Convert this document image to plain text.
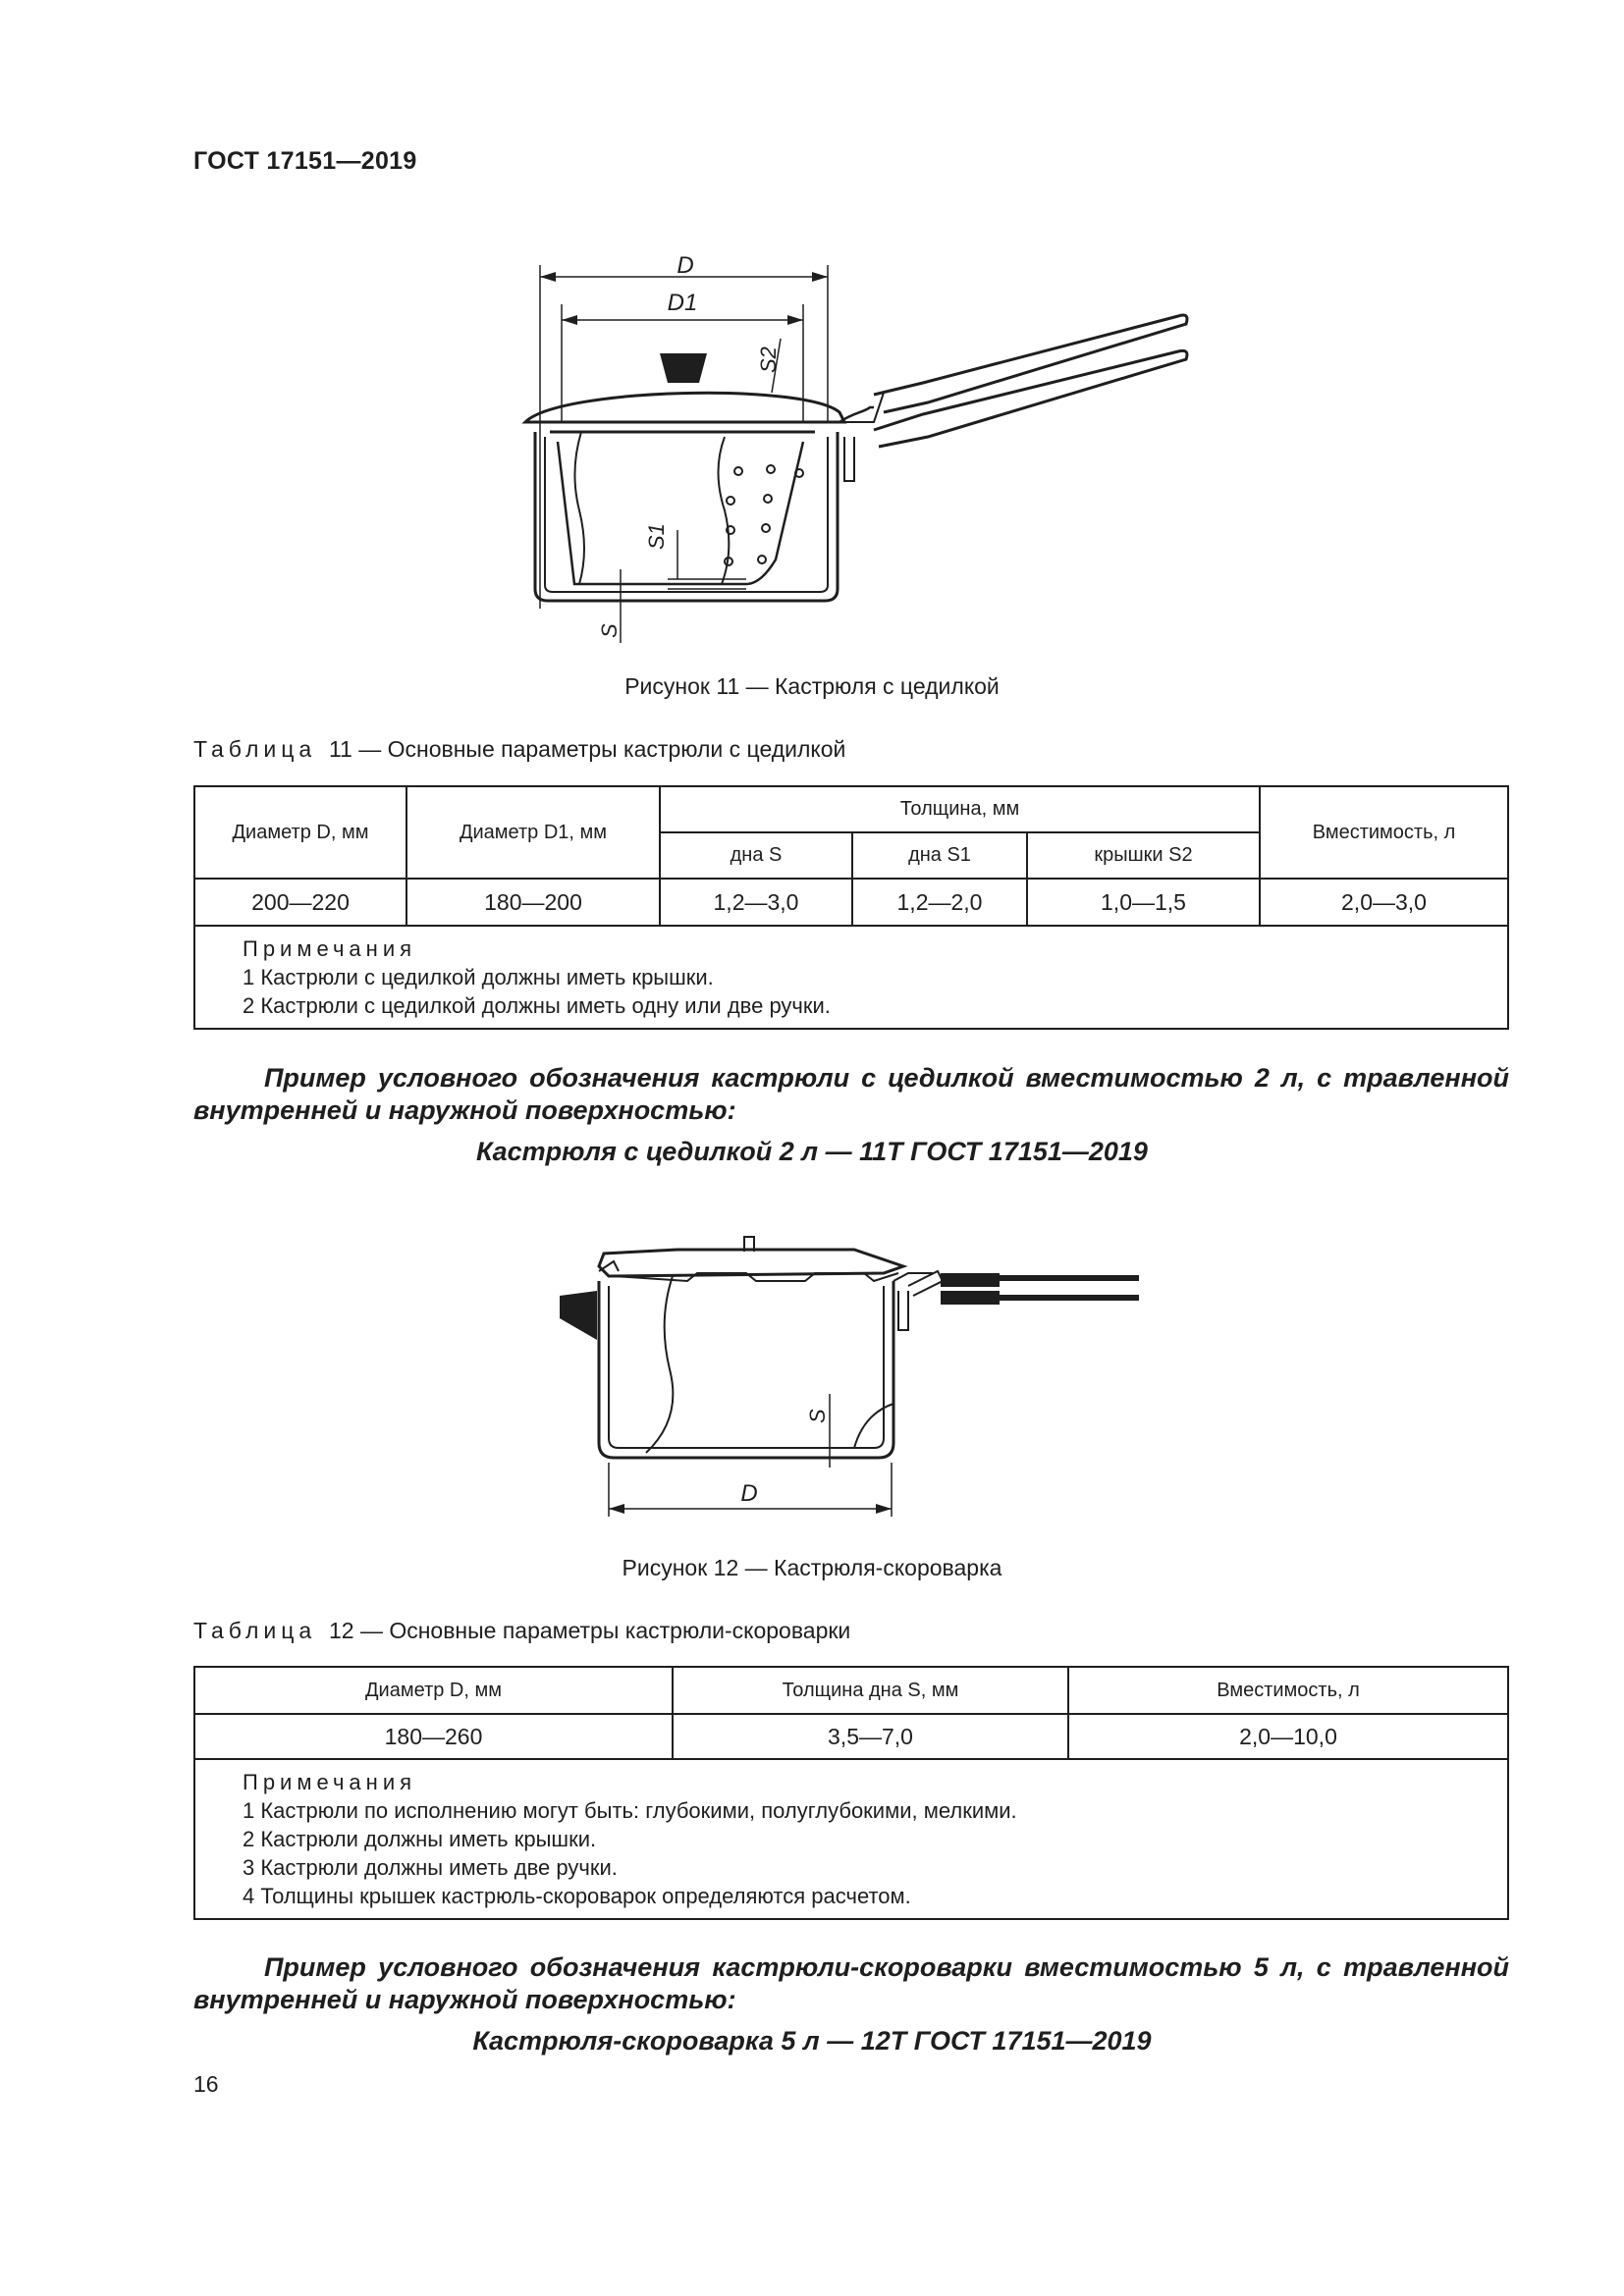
ГОСТ 17151—2019
D
D1
S2
S1
S
Рисунок 11 — Кастрюля с цедилкой
Таблица 11 — Основные параметры кастрюли с цедилкой
Диаметр D, мм	Диаметр D1, мм	Толщина, мм			Вместимость, л
		дна S	дна S1	крышки S2	
200—220	180—200	1,2—3,0	1,2—2,0	1,0—1,5	2,0—3,0

Примечания
1 Кастрюли с цедилкой должны иметь крышки.
2 Кастрюли с цедилкой должны иметь одну или две ручки.					
Пример условного обозначения кастрюли с цедилкой вместимостью 2 л, с травленной внутренней и наружной поверхностью:
Кастрюля с цедилкой 2 л — 11Т ГОСТ 17151—2019
S
D
Рисунок 12 — Кастрюля-скороварка
Таблица 12 — Основные параметры кастрюли-скороварки
Диаметр D, мм	Толщина дна S, мм	Вместимость, л
180—260	3,5—7,0	2,0—10,0

Примечания
1 Кастрюли по исполнению могут быть: глубокими, полуглубокими, мелкими.
2 Кастрюли должны иметь крышки.
3 Кастрюли должны иметь две ручки.
4 Толщины крышек кастрюль-скороварок определяются расчетом.		
Пример условного обозначения кастрюли-скороварки вместимостью 5 л, с травленной внутренней и наружной поверхностью:
Кастрюля-скороварка 5 л — 12Т ГОСТ 17151—2019
16
